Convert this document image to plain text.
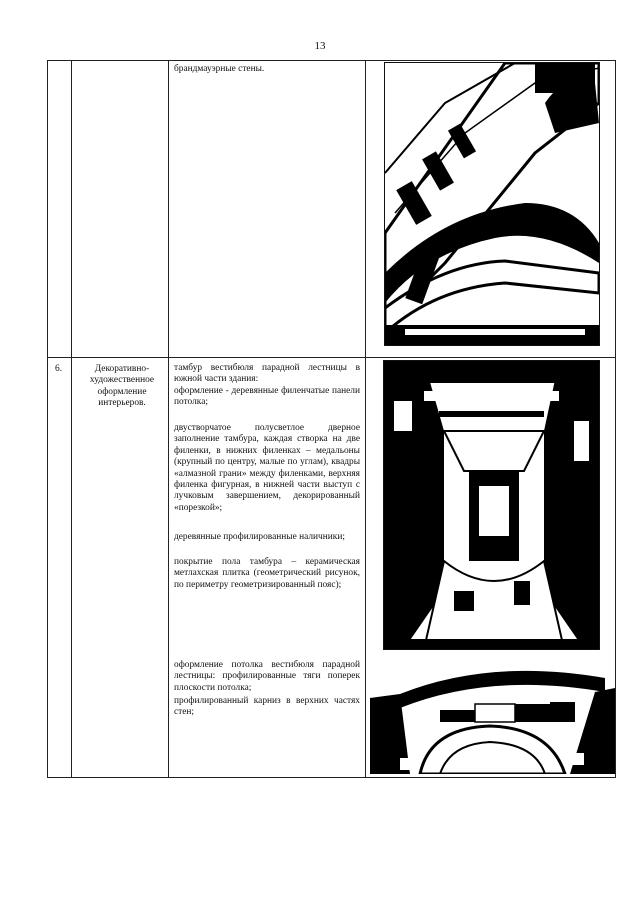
13
брандмауэрные стены.
6.	Декоративно-художественное оформление интерьеров.
тамбур вестибюля парадной лестницы в южной части здания:
оформление - деревянные филенчатые панели потолка;
двустворчатое полусветлое дверное заполнение тамбура, каждая створка на две филенки, в нижних филенках – медальоны (крупный по центру, малые по углам), квадры «алмазной грани» между филенками, верхняя филенка фигурная, в нижней части выступ с лучковым завершением, декорированный «порезкой»;
деревянные профилированные наличники;
покрытие пола тамбура – керамическая метлахская плитка (геометрический рисунок, по периметру геометризированный пояс);
оформление потолка вестибюля парадной лестницы: профилированные тяги поперек плоскости потолка;
профилированный карниз в верхних частях стен;
